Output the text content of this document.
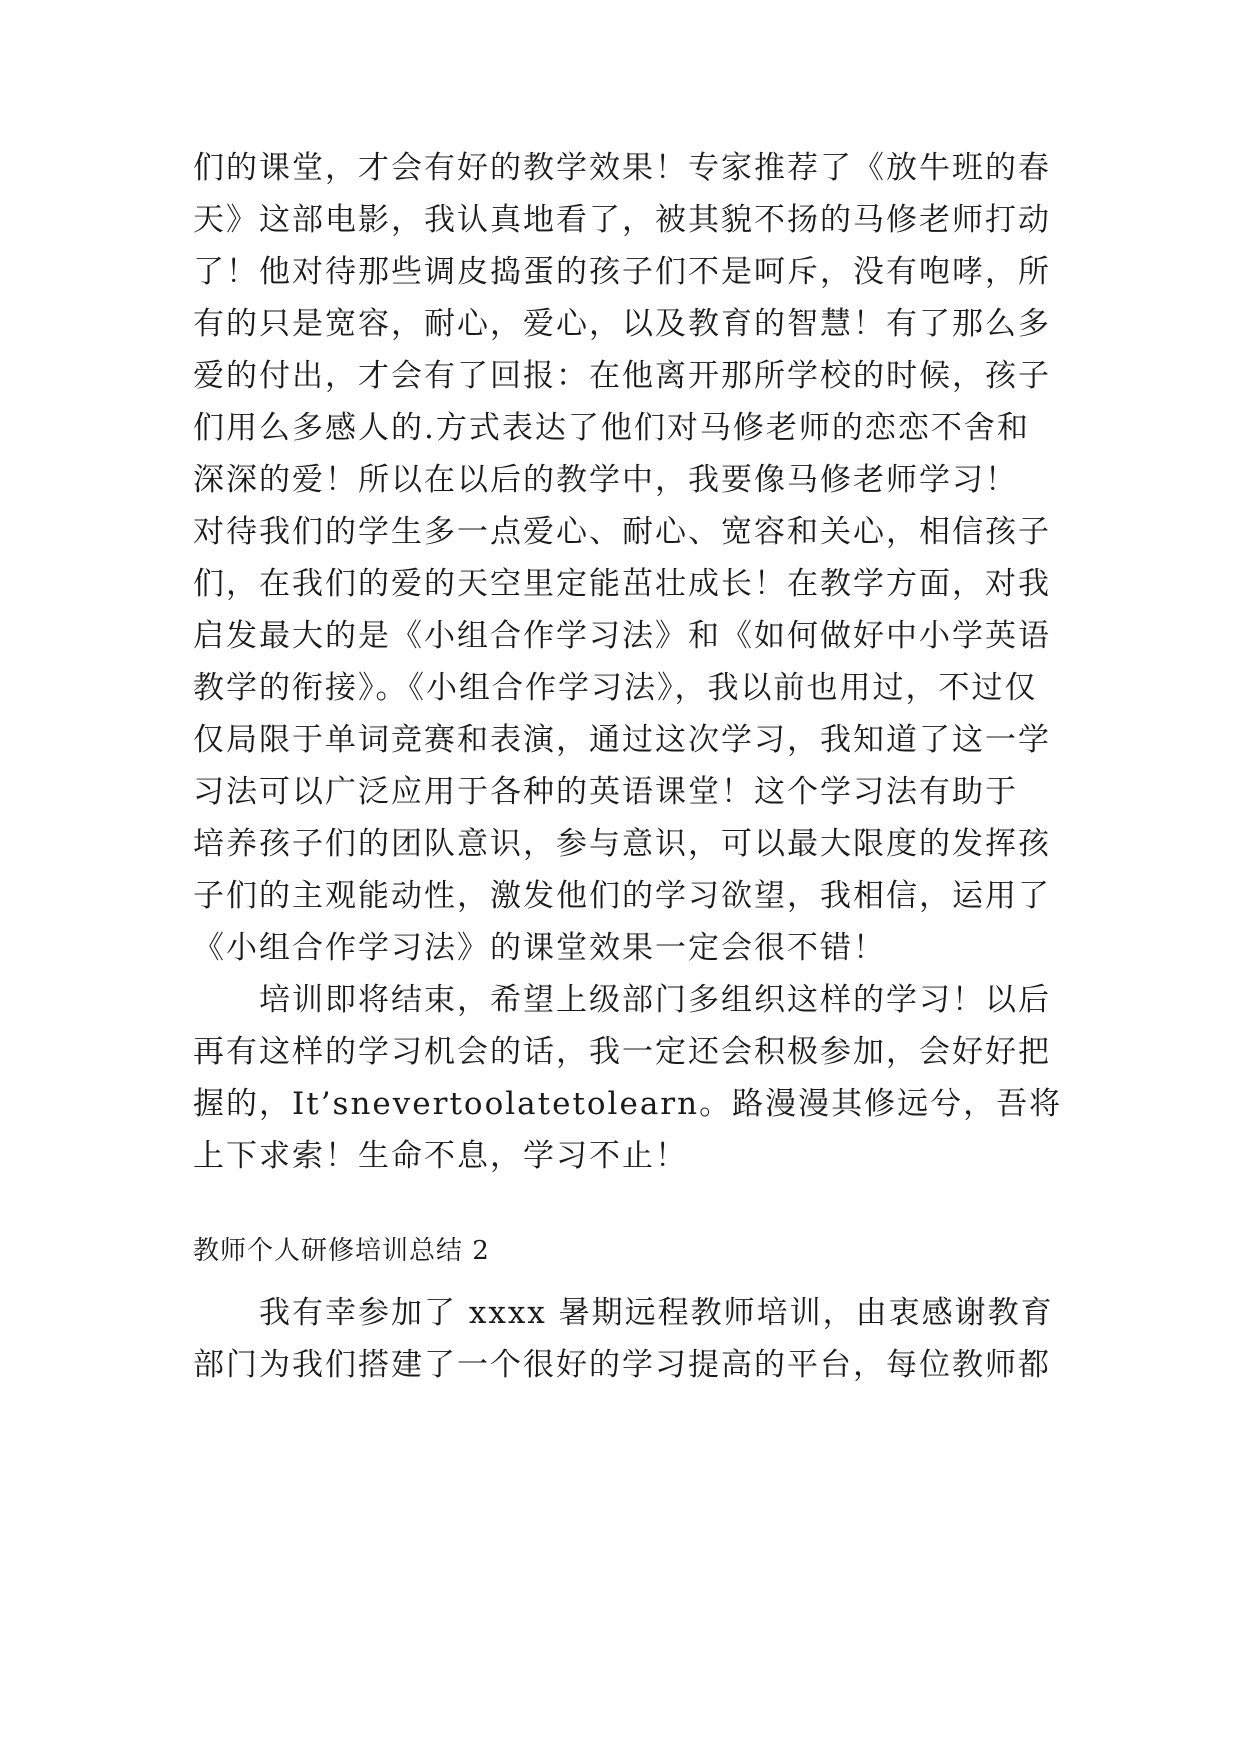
们的课堂，才会有好的教学效果！专家推荐了《放牛班的春
天》这部电影，我认真地看了，被其貌不扬的马修老师打动
了！他对待那些调皮捣蛋的孩子们不是呵斥，没有咆哮，所
有的只是宽容，耐心，爱心，以及教育的智慧！有了那么多
爱的付出，才会有了回报：在他离开那所学校的时候，孩子
们用么多感人的.方式表达了他们对马修老师的恋恋不舍和
深深的爱！所以在以后的教学中，我要像马修老师学习！
对待我们的学生多一点爱心、耐心、宽容和关心，相信孩子
们，在我们的爱的天空里定能茁壮成长！在教学方面，对我
启发最大的是《小组合作学习法》和《如何做好中小学英语
教学的衔接》。《小组合作学习法》，我以前也用过，不过仅
仅局限于单词竞赛和表演，通过这次学习，我知道了这一学
习法可以广泛应用于各种的英语课堂！这个学习法有助于
培养孩子们的团队意识，参与意识，可以最大限度的发挥孩
子们的主观能动性，激发他们的学习欲望，我相信，运用了
《小组合作学习法》的课堂效果一定会很不错！
　　培训即将结束，希望上级部门多组织这样的学习！以后
再有这样的学习机会的话，我一定还会积极参加，会好好把
握的，It’snevertoolatetolearn。路漫漫其修远兮，吾将
上下求索！生命不息，学习不止！
教师个人研修培训总结 2
　　我有幸参加了 xxxx 暑期远程教师培训，由衷感谢教育
部门为我们搭建了一个很好的学习提高的平台，每位教师都
